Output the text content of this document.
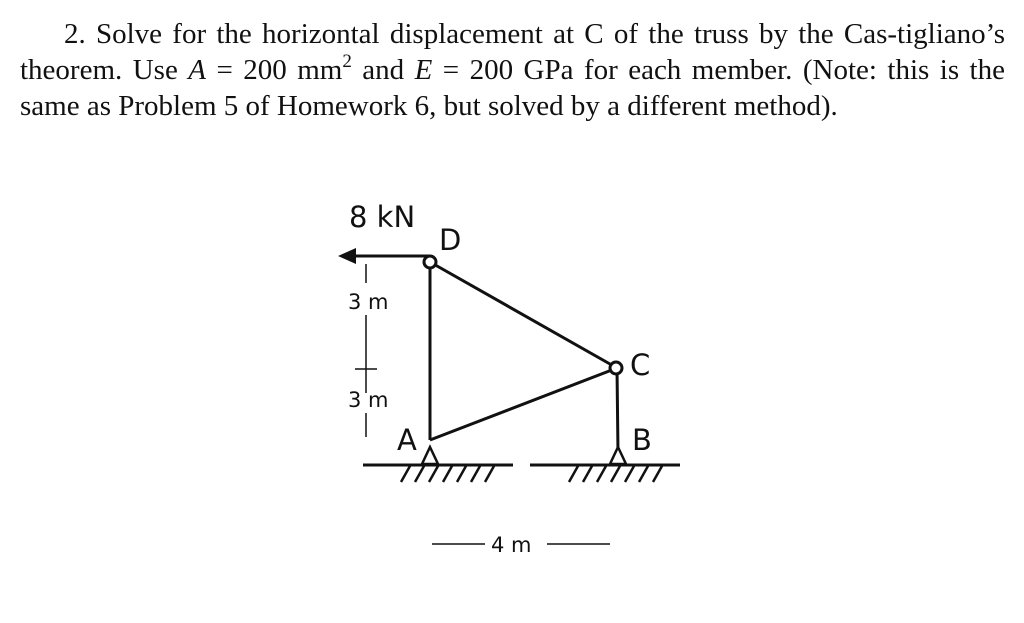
2. Solve for the horizontal displacement at C of the truss by the Cas-tigliano’s theorem. Use A = 200 $mm^2$ and E = 200 GPa for each member. (Note: this is the same as Problem 5 of Homework 6, but solved by a different method).
8 kN
D
C
A	B
3 m
3 m
4 m
